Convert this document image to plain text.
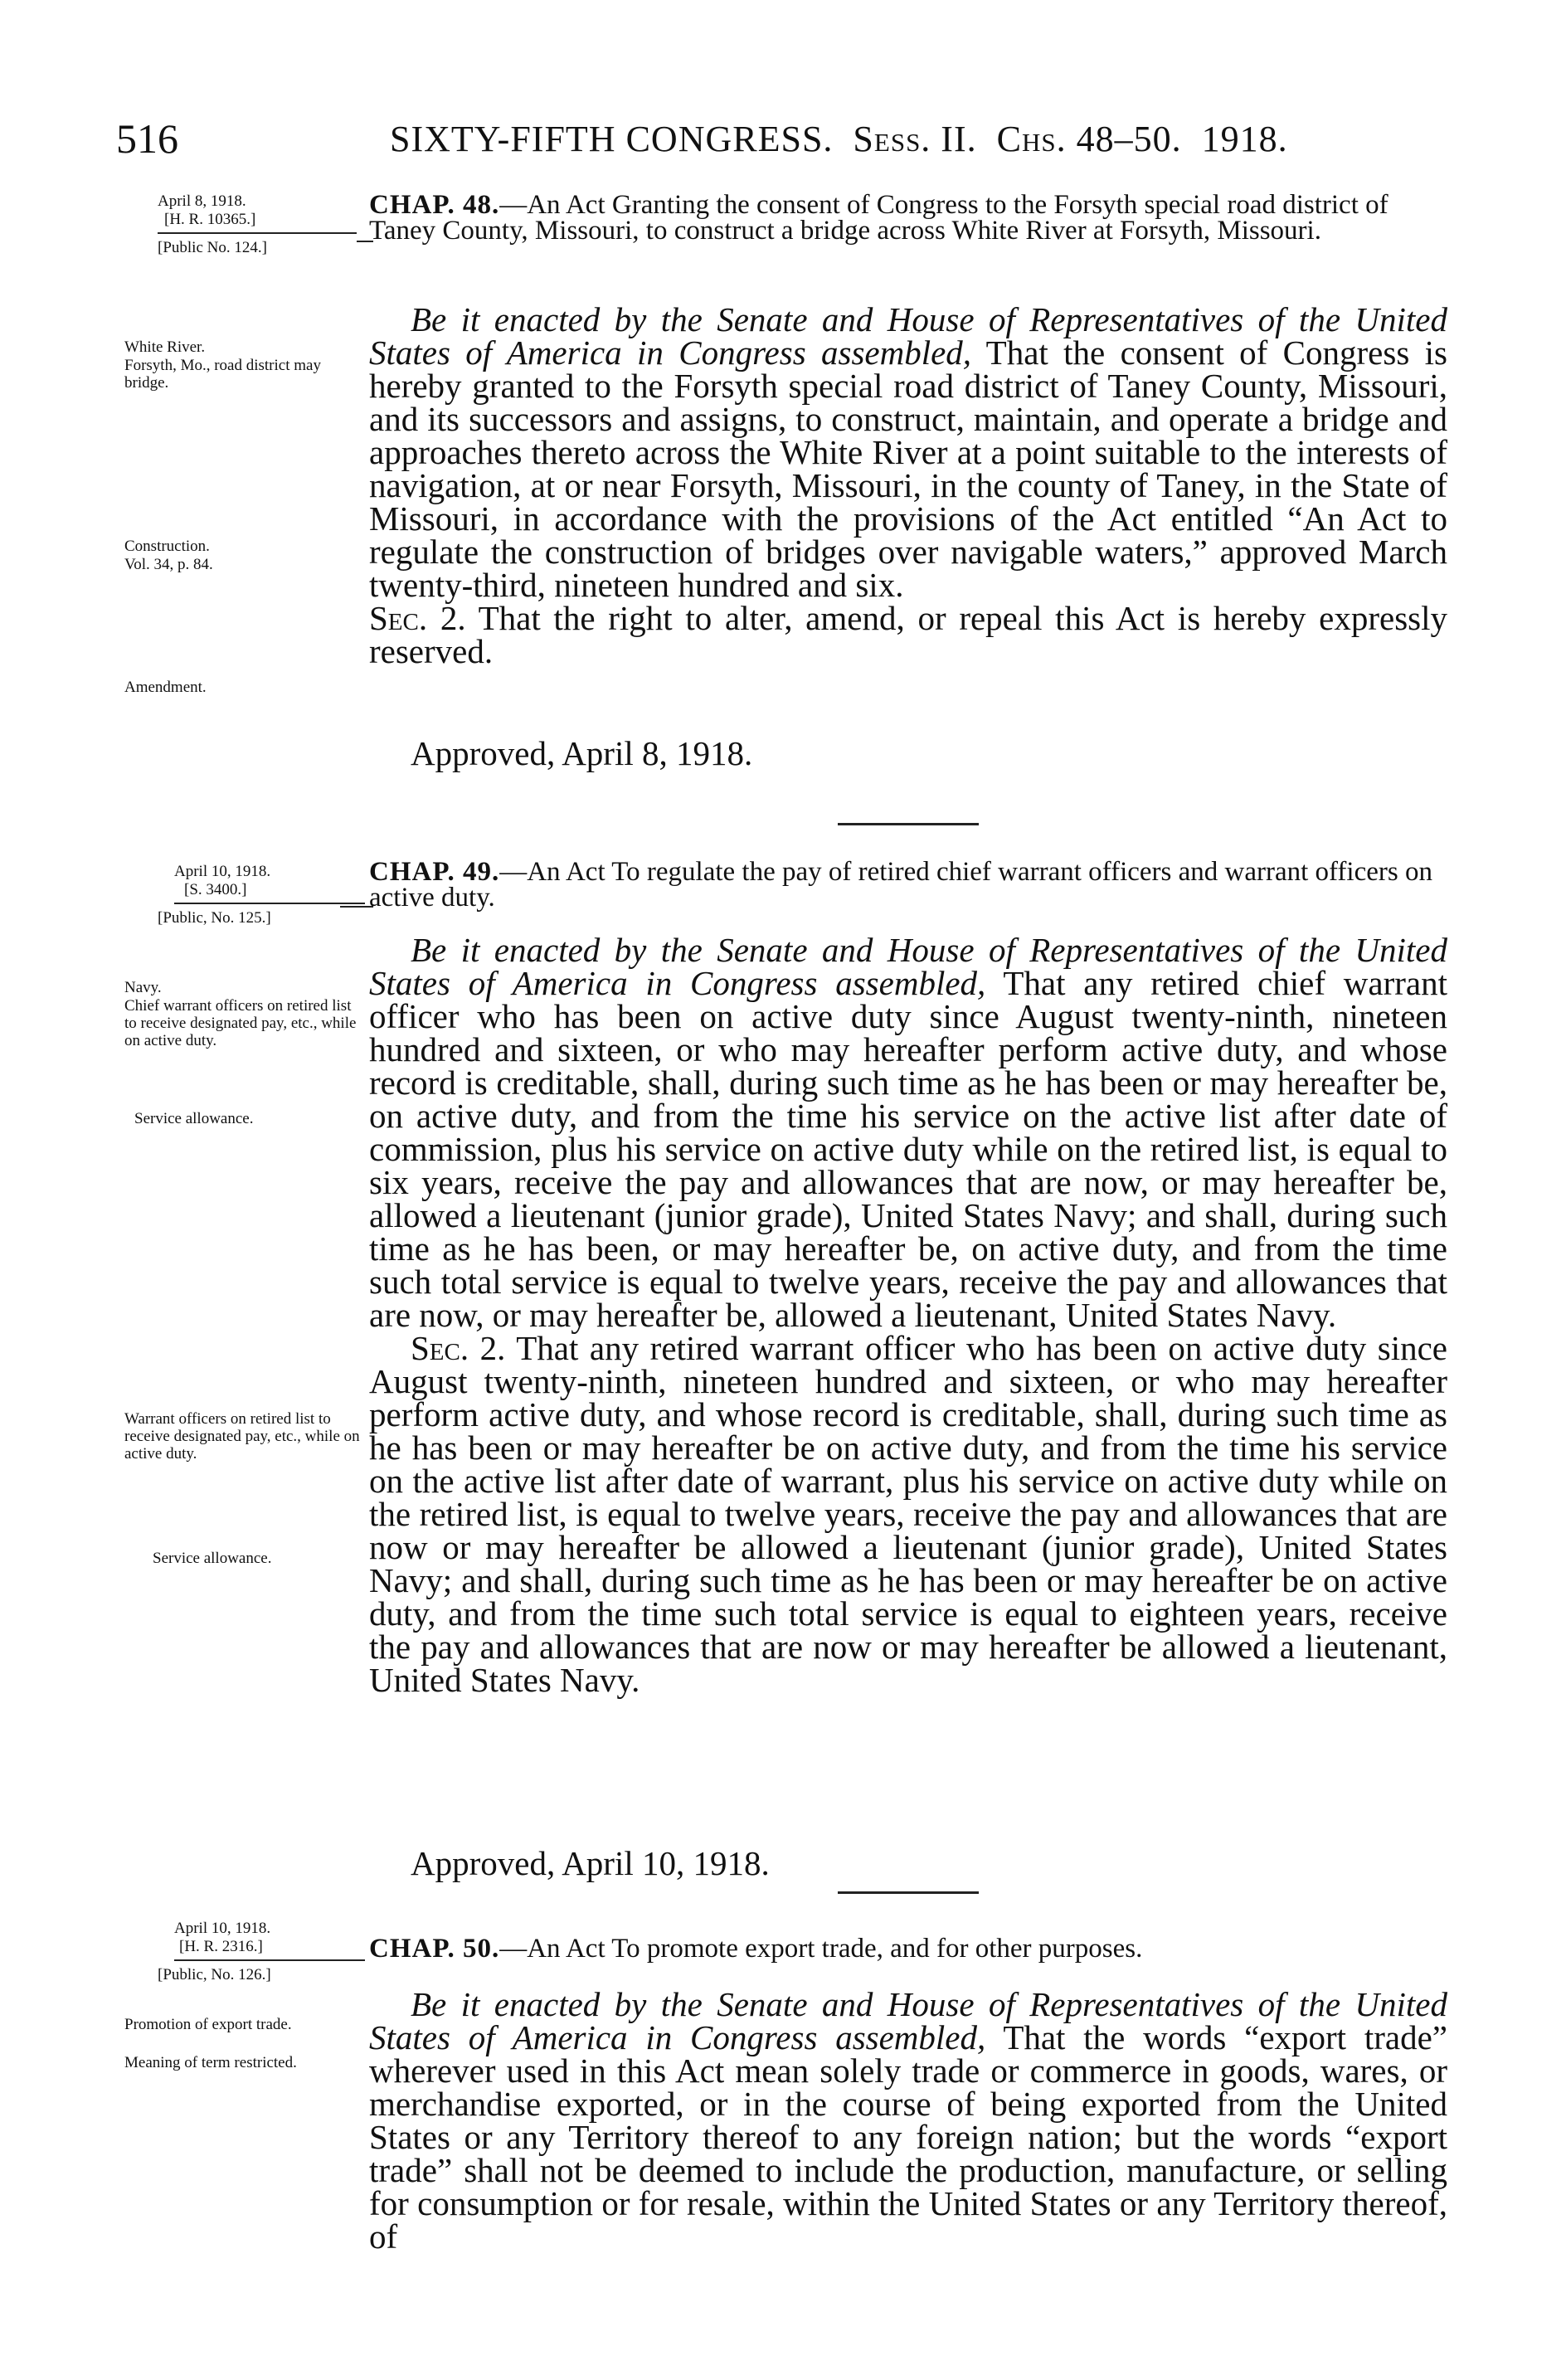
516	SIXTY-FIFTH CONGRESS. Sess. II. Chs. 48–50. 1918.
April 8, 1918.
[H. R. 10365.]
[Public No. 124.]
CHAP. 48.—An Act Granting the consent of Congress to the Forsyth special road district of Taney County, Missouri, to construct a bridge across White River at Forsyth, Missouri.
White River.
Forsyth, Mo., road district may bridge.
Construction.
Vol. 34, p. 84.
Amendment.

Be it enacted by the Senate and House of Representatives of the United States of America in Congress assembled, That the consent of Congress is hereby granted to the Forsyth special road district of Taney County, Missouri, and its successors and assigns, to construct, maintain, and operate a bridge and approaches thereto across the White River at a point suitable to the interests of navigation, at or near Forsyth, Missouri, in the county of Taney, in the State of Missouri, in accordance with the provisions of the Act entitled “An Act to regulate the construction of bridges over navigable waters,” approved March twenty-third, nineteen hundred and six.

Sec. 2. That the right to alter, amend, or repeal this Act is hereby expressly reserved.

Approved, April 8, 1918.
April 10, 1918.
[S. 3400.]
[Public, No. 125.]
CHAP. 49.—An Act To regulate the pay of retired chief warrant officers and warrant officers on active duty.
Navy.
Chief warrant officers on retired list to receive designated pay, etc., while on active duty.
Service allowance.
Warrant officers on retired list to receive designated pay, etc., while on active duty.
Service allowance.

Be it enacted by the Senate and House of Representatives of the United States of America in Congress assembled, That any retired chief warrant officer who has been on active duty since August twenty-ninth, nineteen hundred and sixteen, or who may hereafter perform active duty, and whose record is creditable, shall, during such time as he has been or may hereafter be, on active duty, and from the time his service on the active list after date of commission, plus his service on active duty while on the retired list, is equal to six years, receive the pay and allowances that are now, or may hereafter be, allowed a lieutenant (junior grade), United States Navy; and shall, during such time as he has been, or may hereafter be, on active duty, and from the time such total service is equal to twelve years, receive the pay and allowances that are now, or may hereafter be, allowed a lieutenant, United States Navy.

Sec. 2. That any retired warrant officer who has been on active duty since August twenty-ninth, nineteen hundred and sixteen, or who may hereafter perform active duty, and whose record is creditable, shall, during such time as he has been or may hereafter be on active duty, and from the time his service on the active list after date of warrant, plus his service on active duty while on the retired list, is equal to twelve years, receive the pay and allowances that are now or may hereafter be allowed a lieutenant (junior grade), United States Navy; and shall, during such time as he has been or may hereafter be on active duty, and from the time such total service is equal to eighteen years, receive the pay and allowances that are now or may hereafter be allowed a lieutenant, United States Navy.

Approved, April 10, 1918.
April 10, 1918.
[H. R. 2316.]
[Public, No. 126.]
CHAP. 50.—An Act To promote export trade, and for other purposes.
Promotion of export trade.
Meaning of term restricted.

Be it enacted by the Senate and House of Representatives of the United States of America in Congress assembled, That the words “export trade” wherever used in this Act mean solely trade or commerce in goods, wares, or merchandise exported, or in the course of being exported from the United States or any Territory thereof to any foreign nation; but the words “export trade” shall not be deemed to include the production, manufacture, or selling for consumption or for resale, within the United States or any Territory thereof, of
